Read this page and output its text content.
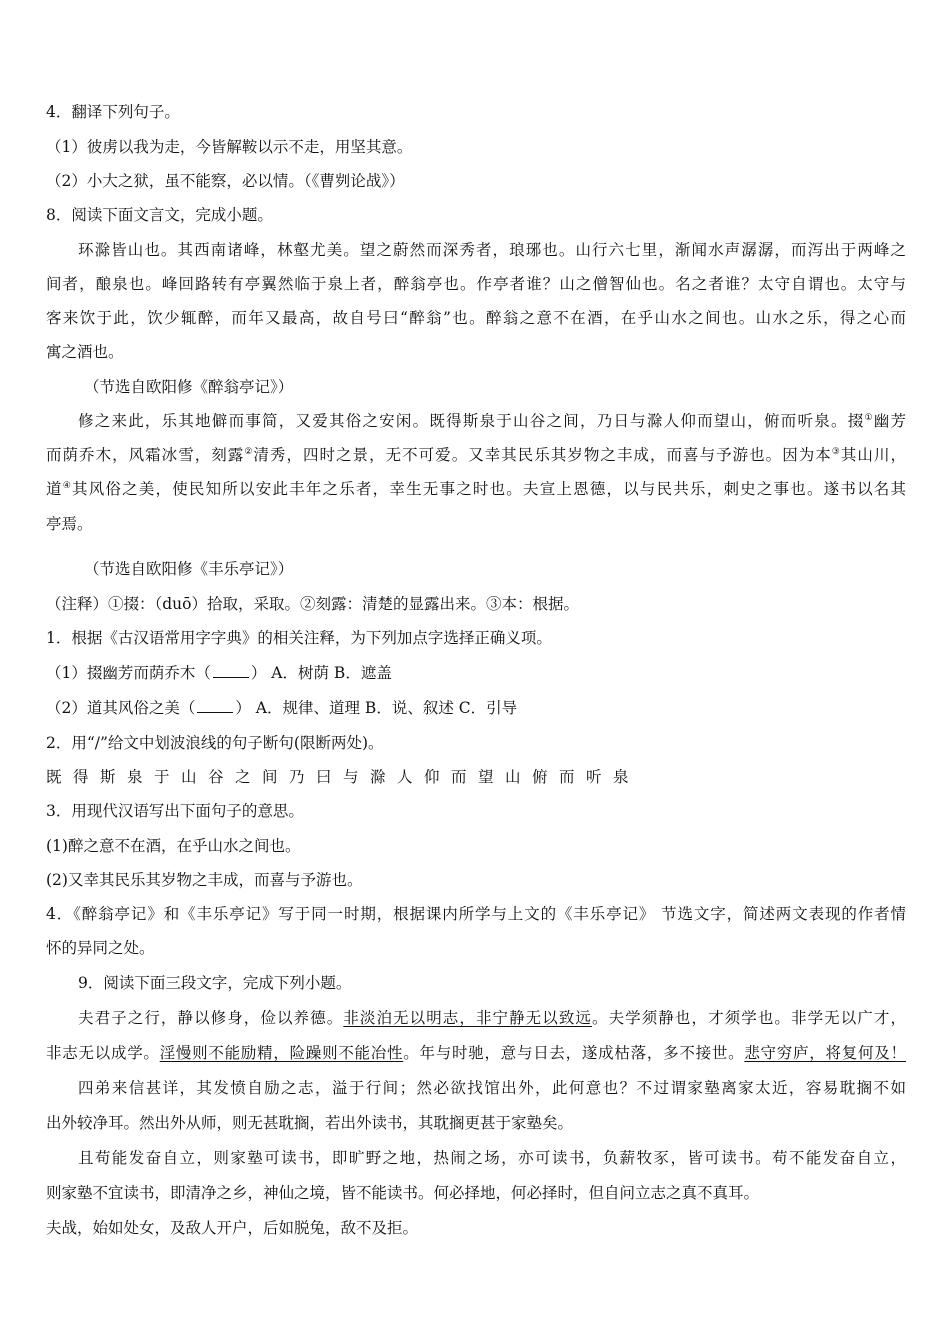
4．翻译下列句子。
（1）彼虏以我为走，今皆解鞍以示不走，用坚其意。
（2）小大之狱，虽不能察，必以情。（《曹刿论战》）
8．阅读下面文言文，完成小题。
环滁皆山也。其西南诸峰，林壑尤美。望之蔚然而深秀者，琅琊也。山行六七里，渐闻水声潺潺，而泻出于两峰之
间者，酿泉也。峰回路转有亭翼然临于泉上者，醉翁亭也。作亭者谁？山之僧智仙也。名之者谁？太守自谓也。太守与
客来饮于此，饮少辄醉，而年又最高，故自号曰“醉翁”也。醉翁之意不在酒，在乎山水之间也。山水之乐，得之心而
寓之酒也。
（节选自欧阳修《醉翁亭记》）
修之来此，乐其地僻而事简，又爱其俗之安闲。既得斯泉于山谷之间，乃日与滁人仰而望山，俯而听泉。掇①幽芳
而荫乔木，风霜冰雪，刻露②清秀，四时之景，无不可爱。又幸其民乐其岁物之丰成，而喜与予游也。因为本③其山川，
道④其风俗之美，使民知所以安此丰年之乐者，幸生无事之时也。夫宣上恩德，以与民共乐，刺史之事也。遂书以名其
亭焉。
（节选自欧阳修《丰乐亭记》）
（注释）①掇：（duō）拾取，采取。②刻露：清楚的显露出来。③本：根据。
1．根据《古汉语常用字字典》的相关注释，为下列加点字选择正确义项。
（1）掇幽芳而荫乔木（	） A．树荫 B．遮盖
（2）道其风俗之美（	） A．规律、道理 B．说、叙述 C．引导
2．用“/”给文中划波浪线的句子断句(限断两处)。
既得斯泉于山谷之间乃曰与滁人仰而望山俯而听泉
3．用现代汉语写出下面句子的意思。
(1)醉之意不在酒，在乎山水之间也。
(2)又幸其民乐其岁物之丰成，而喜与予游也。
4．《醉翁亭记》和《丰乐亭记》写于同一时期，根据课内所学与上文的《丰乐亭记》 节选文字，简述两文表现的作者情
怀的异同之处。
9．阅读下面三段文字，完成下列小题。
夫君子之行，静以修身，俭以养德。非淡泊无以明志，非宁静无以致远。夫学须静也，才须学也。非学无以广才，
非志无以成学。淫慢则不能励精，险躁则不能冶性。年与时驰，意与日去，遂成枯落，多不接世。悲守穷庐，将复何及！
四弟来信甚详，其发愤自励之志，溢于行间；然必欲找馆出外，此何意也？不过谓家塾离家太近，容易耽搁不如
出外较净耳。然出外从师，则无甚耽搁，若出外读书，其耽搁更甚于家塾矣。
且苟能发奋自立，则家塾可读书，即旷野之地，热闹之场，亦可读书，负薪牧豕，皆可读书。苟不能发奋自立，
则家塾不宜读书，即清净之乡，神仙之境，皆不能读书。何必择地，何必择时，但自问立志之真不真耳。
夫战，始如处女，及敌人开户，后如脱兔，敌不及拒。
